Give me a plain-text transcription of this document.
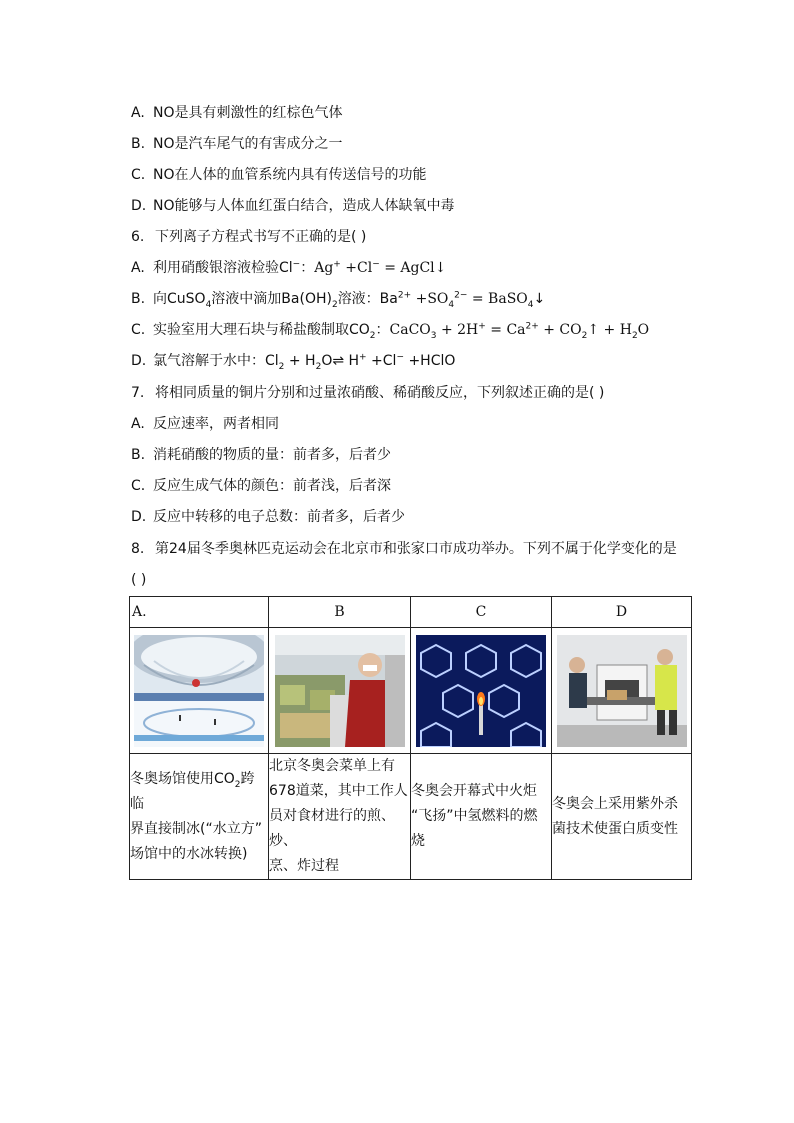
A. NO是具有刺激性的红棕色气体
B. NO是汽车尾气的有害成分之一
C. NO在人体的血管系统内具有传送信号的功能
D. NO能够与人体血红蛋白结合，造成人体缺氧中毒
6. 下列离子方程式书写不正确的是( )
A. 利用硝酸银溶液检验Cl−：Ag+ +Cl− = AgCl↓
B. 向CuSO$_4$溶液中滴加$Ba(OH)_2$溶液：$Ba^{2+} +SO_4^{2-}$ = BaSO$_4$↓
C. 实验室用大理石块与稀盐酸制取$CO_2$：CaCO$_3$ + $2H^+ = Ca^{2+}$ + $CO_2↑ + H_2O$
D. 氯气溶解于水中：$Cl_2$ + $H_2O\rightleftharpoons$ H+ +Cl− +HClO
7. 将相同质量的铜片分别和过量浓硝酸、稀硝酸反应，下列叙述正确的是( )
A. 反应速率，两者相同
B. 消耗硝酸的物质的量：前者多，后者少
C. 反应生成气体的颜色：前者浅，后者深
D. 反应中转移的电子总数：前者多，后者少
8. 第24届冬季奥林匹克运动会在北京市和张家口市成功举办。下列不属于化学变化的是
( )
A.	B	C	D

冬奥场馆使用$CO_2$跨临
界直接制冰(“水立方”
场馆中的水冰转换)	北京冬奥会菜单上有
678道菜，其中工作人
员对食材进行的煎、炒、
烹、炸过程	冬奥会开幕式中火炬
“飞扬”中氢燃料的燃
烧	冬奥会上采用紫外杀
菌技术使蛋白质变性
